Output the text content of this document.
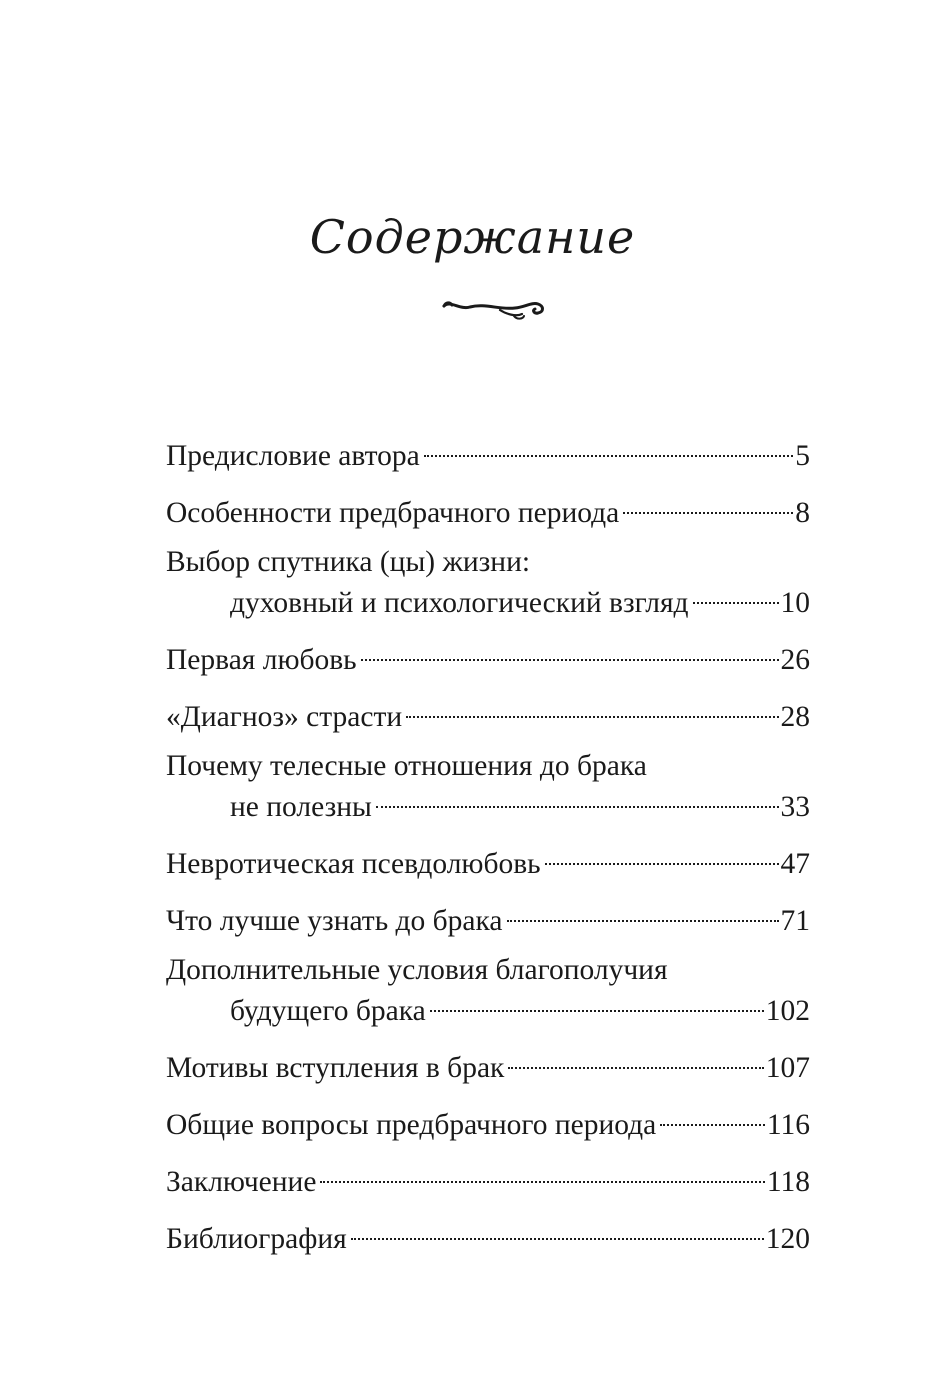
Содержание
Предисловие автора	5
Особенности предбрачного периода	8
Выбор спутника (цы) жизни:
духовный и психологический взгляд	10
Первая любовь	26
«Диагноз» страсти	28
Почему телесные отношения до брака
не полезны	33
Невротическая псевдолюбовь	47
Что лучше узнать до брака	71
Дополнительные условия благополучия
будущего брака	102
Мотивы вступления в брак	107
Общие вопросы предбрачного периода	116
Заключение	118
Библиография	120
